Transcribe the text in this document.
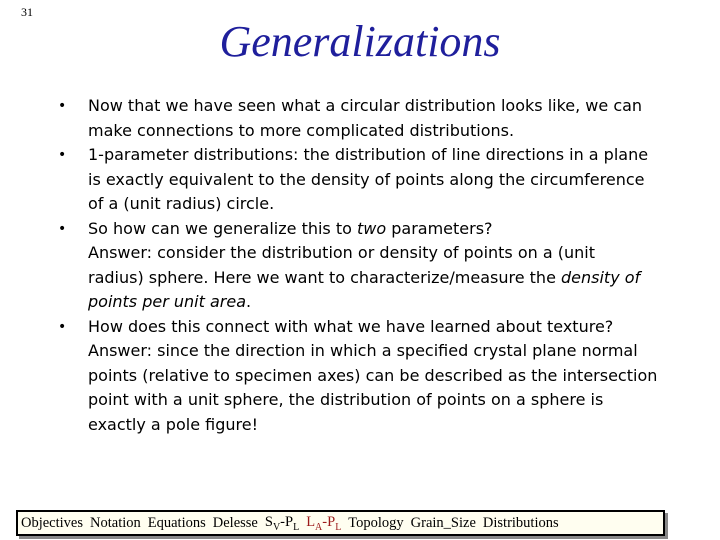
31
Generalizations
• Now that we have seen what a circular distribution looks like, we can
make connections to more complicated distributions.
• 1-parameter distributions: the distribution of line directions in a plane
is exactly equivalent to the density of points along the circumference
of a (unit radius) circle.
• So how can we generalize this to two parameters?
Answer: consider the distribution or density of points on a (unit
radius) sphere. Here we want to characterize/measure the density of
points per unit area.
• How does this connect with what we have learned about texture?
Answer: since the direction in which a specified crystal plane normal
points (relative to specimen axes) can be described as the intersection
point with a unit sphere, the distribution of points on a sphere is
exactly a pole figure!
Objectives Notation Equations Delesse $S_V-P_L$ $L_A-P_L$ Topology Grain_Size Distributions
